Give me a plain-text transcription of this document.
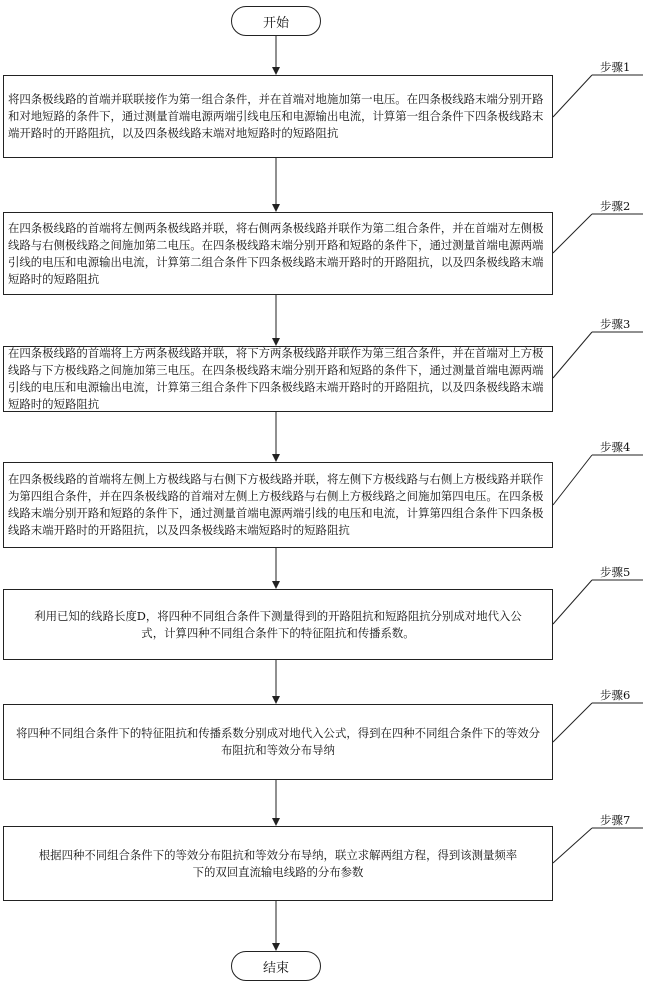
开始
将四条极线路的首端并联联接作为第一组合条件，并在首端对地施加第一电压。在四条极线路末端分别开路和对地短路的条件下，通过测量首端电源两端引线电压和电源输出电流，计算第一组合条件下四条极线路末端开路时的开路阻抗，以及四条极线路末端对地短路时的短路阻抗
步骤1
在四条极线路的首端将左侧两条极线路并联，将右侧两条极线路并联作为第二组合条件，并在首端对左侧极线路与右侧极线路之间施加第二电压。在四条极线路末端分别开路和短路的条件下，通过测量首端电源两端引线的电压和电源输出电流，计算第二组合条件下四条极线路末端开路时的开路阻抗，以及四条极线路末端短路时的短路阻抗
步骤2
在四条极线路的首端将上方两条极线路并联，将下方两条极线路并联作为第三组合条件，并在首端对上方极线路与下方极线路之间施加第三电压。在四条极线路末端分别开路和短路的条件下，通过测量首端电源两端引线的电压和电源输出电流，计算第三组合条件下四条极线路末端开路时的开路阻抗，以及四条极线路末端短路时的短路阻抗
步骤3
在四条极线路的首端将左侧上方极线路与右侧下方极线路并联，将左侧下方极线路与右侧上方极线路并联作为第四组合条件，并在四条极线路的首端对左侧上方极线路与右侧上方极线路之间施加第四电压。在四条极线路末端分别开路和短路的条件下，通过测量首端电源两端引线的电压和电流，计算第四组合条件下四条极线路末端开路时的开路阻抗，以及四条极线路末端短路时的短路阻抗
步骤4
利用已知的线路长度D，将四种不同组合条件下测量得到的开路阻抗和短路阻抗分别成对地代入公式，计算四种不同组合条件下的特征阻抗和传播系数。
步骤5
将四种不同组合条件下的特征阻抗和传播系数分别成对地代入公式，得到在四种不同组合条件下的等效分布阻抗和等效分布导纳
步骤6
根据四种不同组合条件下的等效分布阻抗和等效分布导纳，联立求解两组方程，得到该测量频率下的双回直流输电线路的分布参数
步骤7
结束
